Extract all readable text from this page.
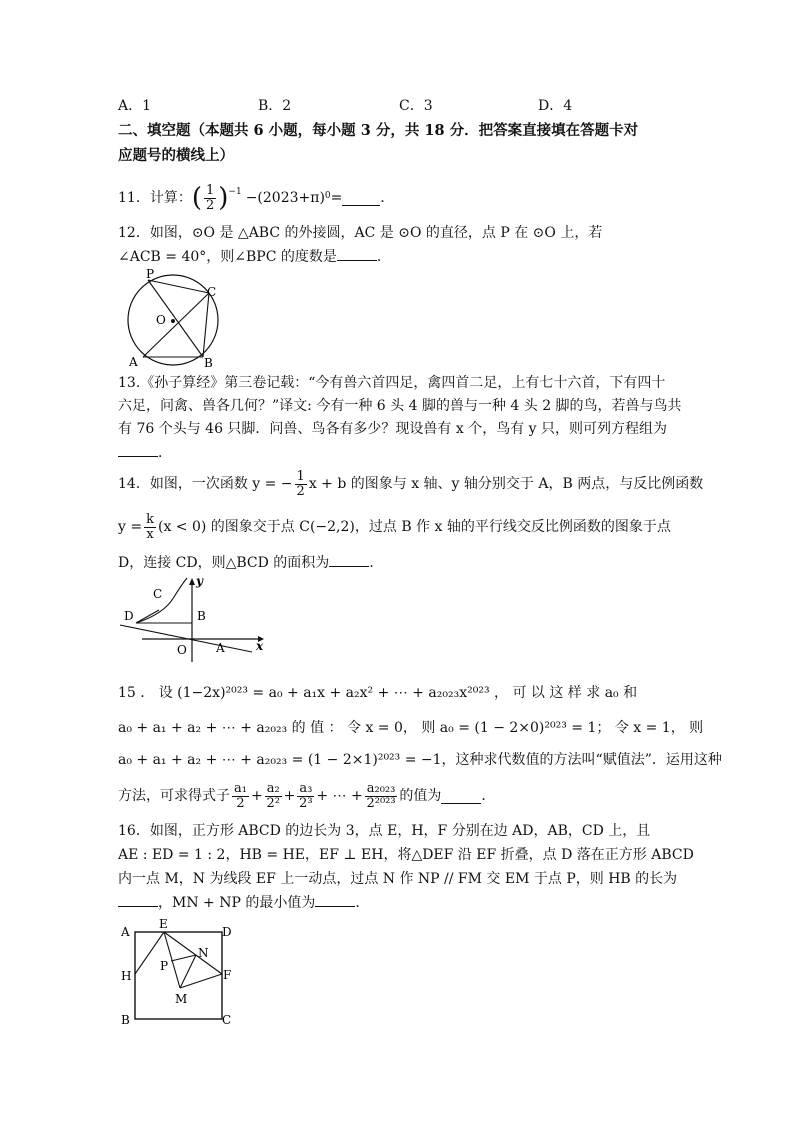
A．1	B．2	C．3	D．4
二、填空题（本题共 6 小题，每小题 3 分，共 18 分．把答案直接填在答题卡对
应题号的横线上）
11．计算： ( $\frac{1}{2} )^{-1} -(2023+\pi)$ 0 =	．
12．如图，⊙O 是 △ABC 的外接圆，AC 是 ⊙O 的直径，点 P 在 ⊙O 上，若
∠ACB = 40°，则∠BPC 的度数是	．
P
C
O
A	B
13.《孙子算经》第三卷记载：“今有兽六首四足，禽四首二足，上有七十六首，下有四十
六足，问禽、兽各几何？”译文: 今有一种 6 头 4 脚的兽与一种 4 头 2 脚的鸟，若兽与鸟共
有 76 个头与 46 只脚．问兽、鸟各有多少？现设兽有 x 个，鸟有 y 只，则可列方程组为
．
14．如图，一次函数 y = − $\frac{1}{2}$ x + b 的图象与 x 轴、y 轴分别交于 A，B 两点，与反比例函数
$y = \frac{k}{x} (x < 0)$ 的图象交于点 C(−2,2)，过点 B 作 x 轴的平行线交反比例函数的图象于点
D，连接 CD，则△BCD 的面积为	．
y
x
C
D	B
O A
15 ． 设 (1−2x)²⁰²³ = a₀ + a₁x + a₂x² + ⋯ + a₂₀₂₃x²⁰²³ ， 可 以 这 样 求 a₀ 和
a₀ + a₁ + a₂ + ⋯ + a₂₀₂₃ 的 值 ： 令 x = 0， 则 a₀ = (1 − 2×0)²⁰²³ = 1； 令 x = 1， 则
a₀ + a₁ + a₂ + ⋯ + a₂₀₂₃ = (1 − 2×1)²⁰²³ = −1，这种求代数值的方法叫“赋值法”．运用这种
方法，可求得式子 $\frac{\text{a₁}}{2} + \frac{\text{a₂}}{\text{2²}} + \frac{\text{a₃}}{\text{2³}}$ + ⋯ + $\frac{\text{a₂₀₂₃}}{\text{2²⁰²³}}$ 的值为	．
16．如图，正方形 ABCD 的边长为 3，点 E，H，F 分别在边 AD，AB，CD 上，且
AE : ED = 1 : 2，HB = HE，EF ⊥ EH，将△DEF 沿 EF 折叠，点 D 落在正方形 ABCD
内一点 M，N 为线段 EF 上一动点，过点 N 作 NP // FM 交 EM 于点 P，则 HB 的长为
，MN + NP 的最小值为	．
A
E
D
H
N
P
F
M
B	C
